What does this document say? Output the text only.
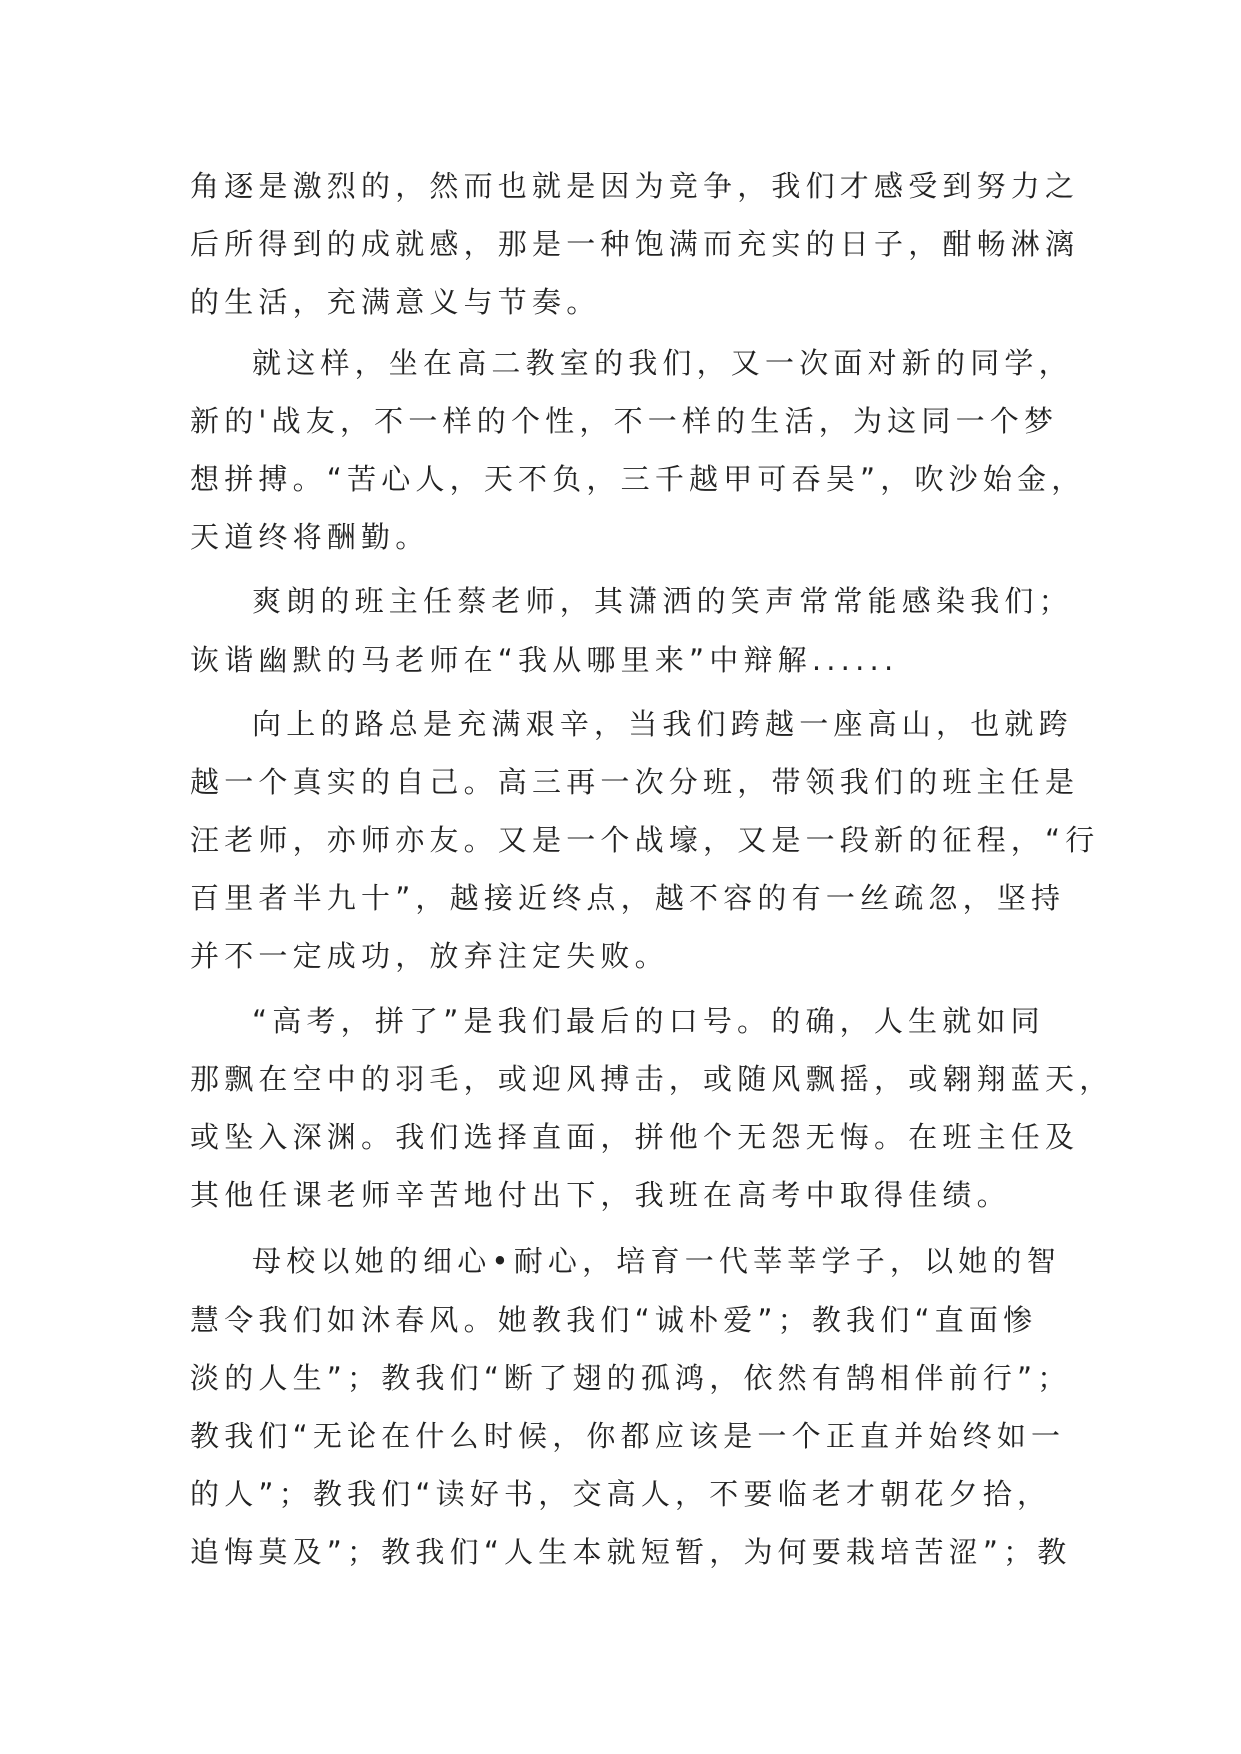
角逐是激烈的，然而也就是因为竞争，我们才感受到努力之
后所得到的成就感，那是一种饱满而充实的日子，酣畅淋漓
的生活，充满意义与节奏。
就这样，坐在高二教室的我们，又一次面对新的同学，
新的'战友，不一样的个性，不一样的生活，为这同一个梦
想拼搏。“苦心人，天不负，三千越甲可吞吴”，吹沙始金，
天道终将酬勤。
爽朗的班主任蔡老师，其潇洒的笑声常常能感染我们；
诙谐幽默的马老师在“我从哪里来”中辩解......
向上的路总是充满艰辛，当我们跨越一座高山，也就跨
越一个真实的自己。高三再一次分班，带领我们的班主任是
汪老师，亦师亦友。又是一个战壕，又是一段新的征程，“行
百里者半九十”，越接近终点，越不容的有一丝疏忽，坚持
并不一定成功，放弃注定失败。
“高考，拼了”是我们最后的口号。的确，人生就如同
那飘在空中的羽毛，或迎风搏击，或随风飘摇，或翱翔蓝天，
或坠入深渊。我们选择直面，拼他个无怨无悔。在班主任及
其他任课老师辛苦地付出下，我班在高考中取得佳绩。
母校以她的细心•耐心，培育一代莘莘学子，以她的智
慧令我们如沐春风。她教我们“诚朴爱”；教我们“直面惨
淡的人生”；教我们“断了翅的孤鸿，依然有鹄相伴前行”；
教我们“无论在什么时候，你都应该是一个正直并始终如一
的人”；教我们“读好书，交高人，不要临老才朝花夕拾，
追悔莫及”；教我们“人生本就短暂，为何要栽培苦涩”；教
